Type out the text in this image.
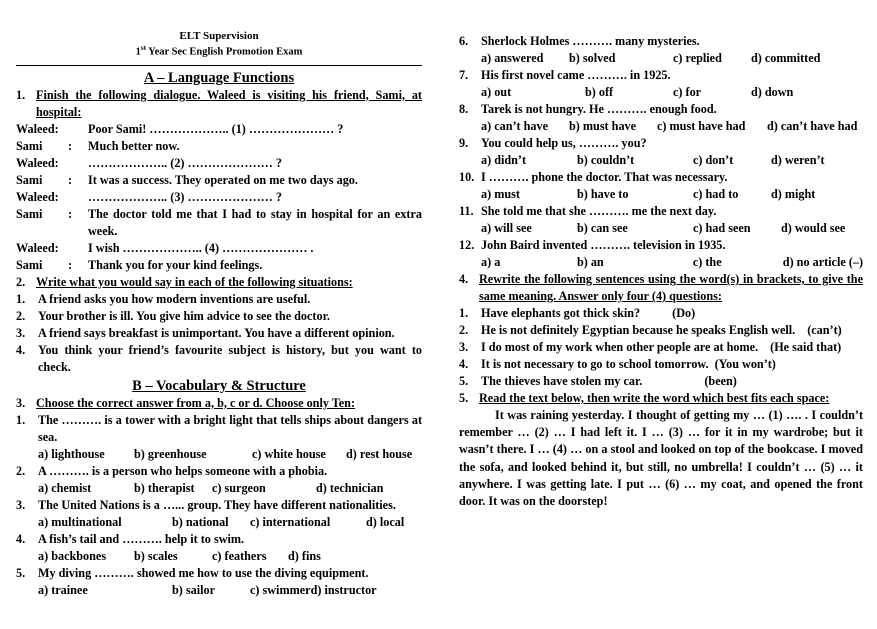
ELT Supervision
1st Year Sec English Promotion Exam
A – Language Functions
1. Finish the following dialogue. Waleed is visiting his friend, Sami, at hospital:
Waleed:	Poor Sami! ……………….. (1) ………………… ?
Sami	:	Much better now.
Waleed:	……………….. (2) ………………… ?
Sami	:	It was a success. They operated on me two days ago.
Waleed:	……………….. (3) ………………… ?
Sami	:	The doctor told me that I had to stay in hospital for an extra week.
Waleed:	I wish ……………….. (4) ………………… .
Sami	:	Thank you for your kind feelings.
2. Write what you would say in each of the following situations:
1.	A friend asks you how modern inventions are useful.
2.	Your brother is ill. You give him advice to see the doctor.
3.	A friend says breakfast is unimportant. You have a different opinion.
4.	You think your friend’s favourite subject is history, but you want to check.
B – Vocabulary & Structure
3. Choose the correct answer from a, b, c or d. Choose only Ten:
1.	The ………. is a tower with a bright light that tells ships about dangers at sea.
a) lighthouse	b) greenhouse	c) white house	d) rest house
2.	A ………. is a person who helps someone with a phobia.
a) chemist	b) therapist	c) surgeon	d) technician
3.	The United Nations is a …... group. They have different nationalities.
a) multinational	b) national	c) international	d) local
4.	A fish’s tail and ………. help it to swim.
a) backbones	b) scales	c) feathers	d) fins
5.	My diving ………. showed me how to use the diving equipment.
a) trainee	b) sailor	c) swimmer d) instructor
6.	Sherlock Holmes ………. many mysteries.
a) answered	b) solved	c) replied	d) committed
7.	His first novel came ………. in 1925.
a) out	b) off	c) for	d) down
8.	Tarek is not hungry. He ………. enough food.
a) can’t have	b) must have	c) must have had	d) can’t have had
9.	You could help us, ………. you?
a) didn’t	b) couldn’t	c) don’t	d) weren’t
10. I ………. phone the doctor. That was necessary.
a) must	b) have to	c) had to	d) might
11. She told me that she ………. me the next day.
a) will see	b) can see	c) had seen	d) would see
12. John Baird invented ………. television in 1935.
a) a	b) an	c) the	d) no article (–)
4. Rewrite the following sentences using the word(s) in brackets, to give the same meaning. Answer only four (4) questions:
1.	Have elephants got thick skin?	(Do)
2.	He is not definitely Egyptian because he speaks English well. (can’t)
3.	I do most of my work when other people are at home. (He said that)
4.	It is not necessary to go to school tomorrow. (You won’t)
5.	The thieves have stolen my car.	(been)
5. Read the text below, then write the word which best fits each space:
It was raining yesterday. I thought of getting my … (1) …. . I couldn’t remember … (2) … I had left it. I … (3) … for it in my wardrobe; but it wasn’t there. I … (4) … on a stool and looked on top of the bookcase. I moved the sofa, and looked behind it, but still, no umbrella! I couldn’t … (5) … it anywhere. I was getting late. I put … (6) … my coat, and opened the front door. It was on the doorstep!
